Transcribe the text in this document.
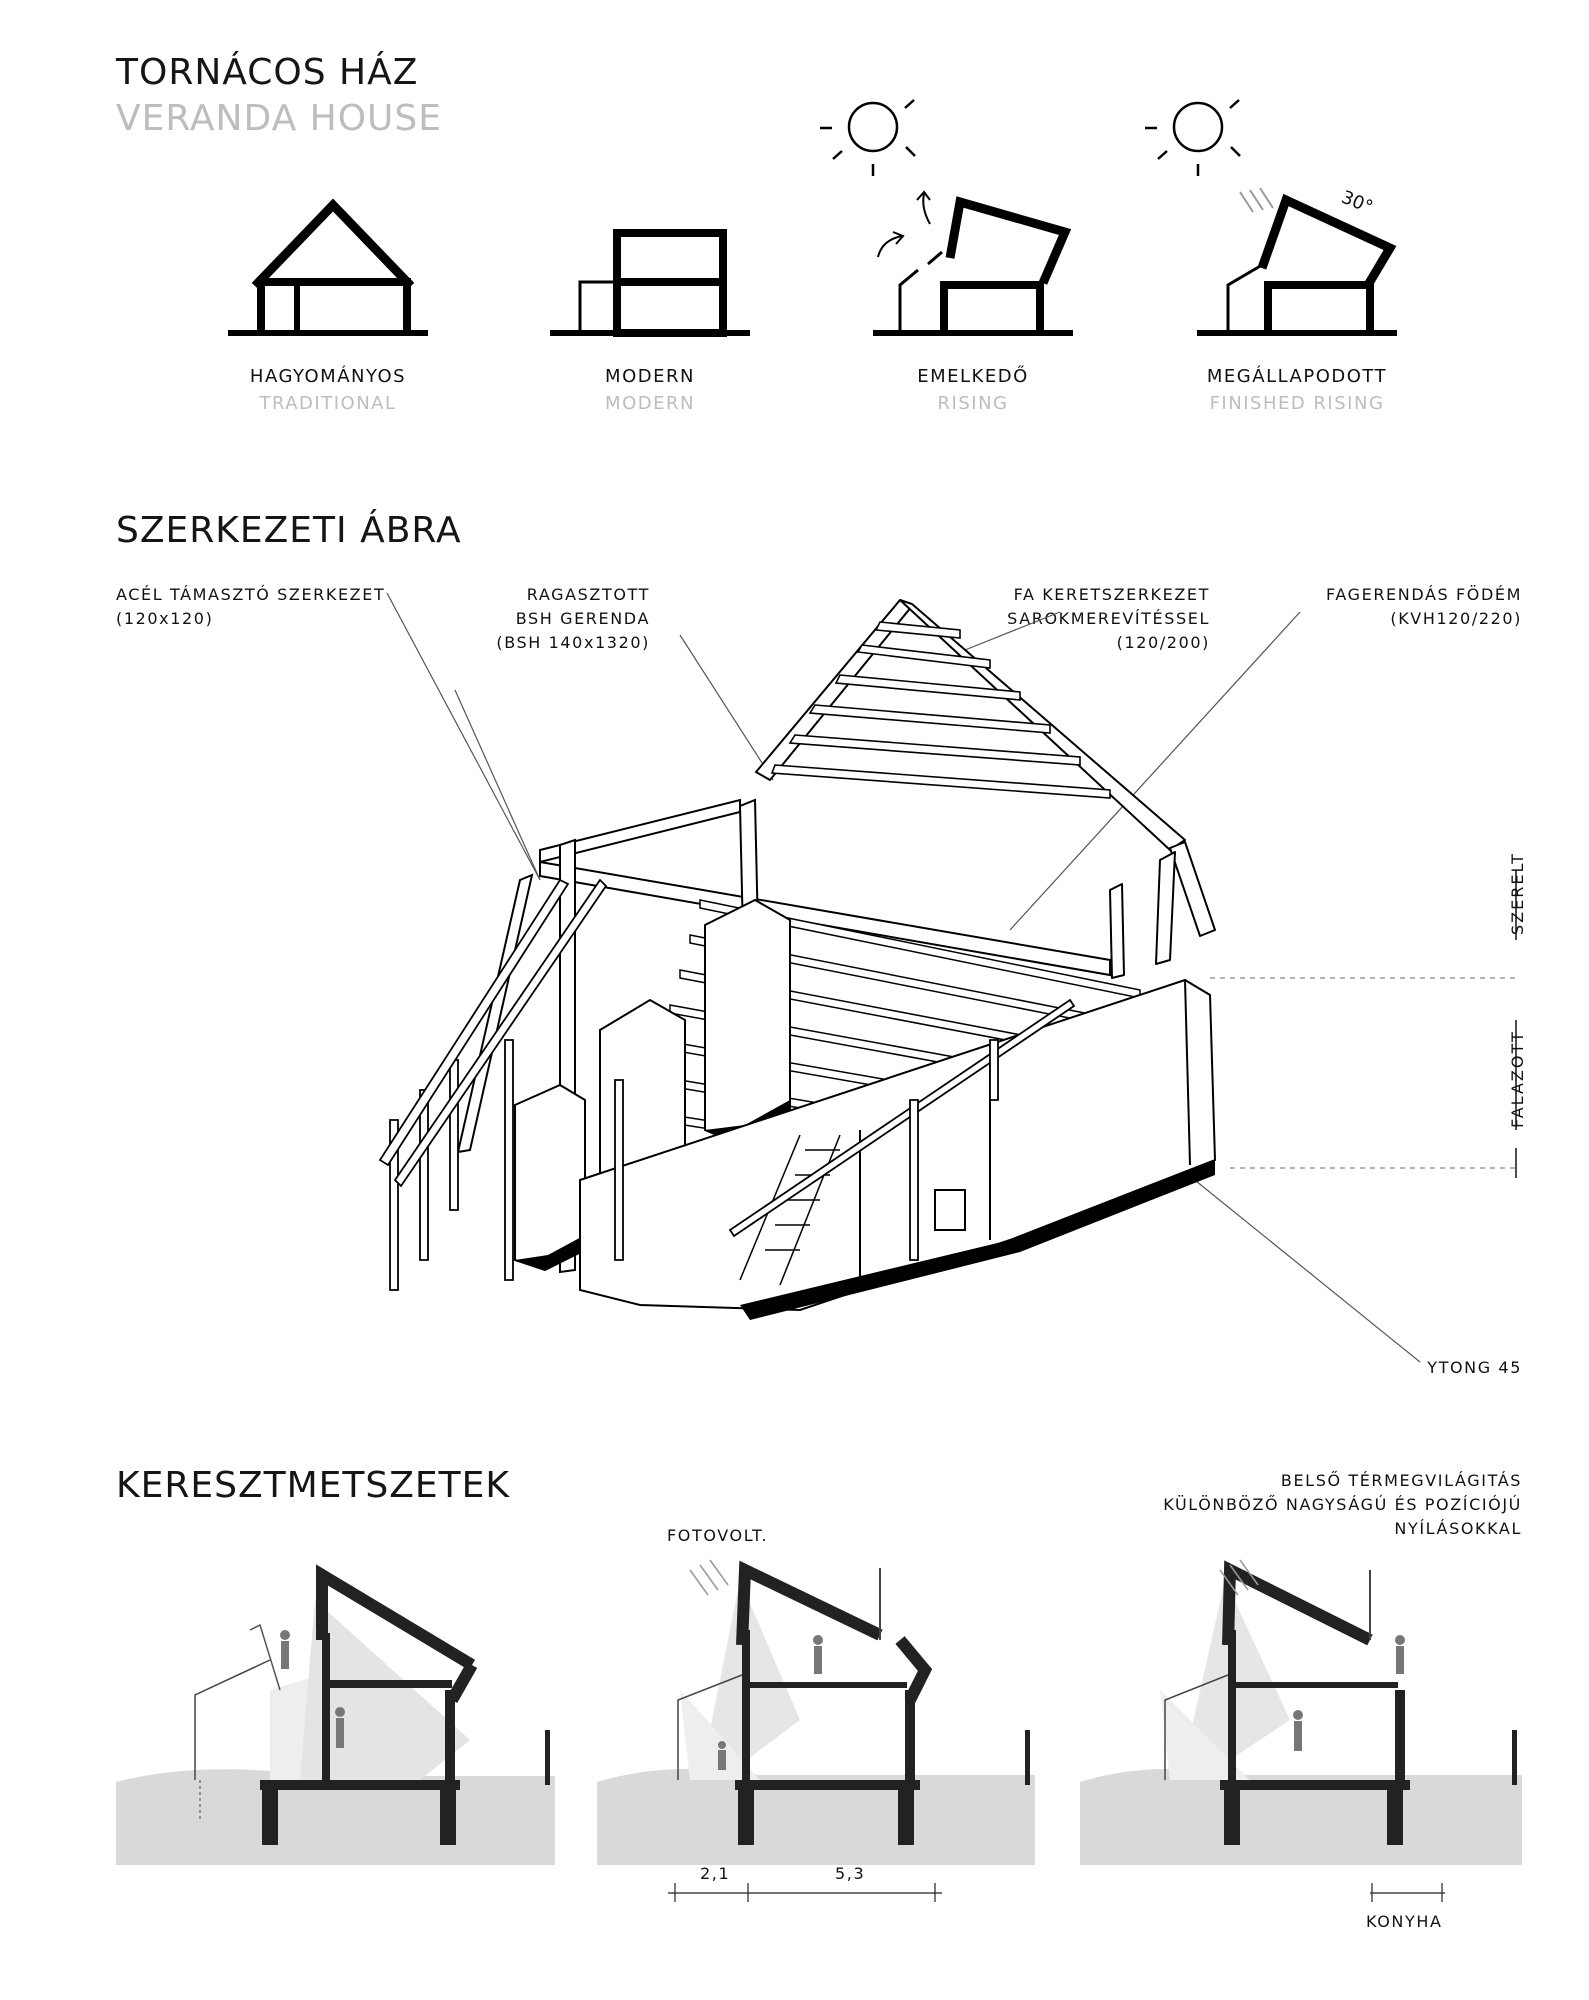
TORNÁCOS HÁZ
VERANDA HOUSE
30°
HAGYOMÁNYOS
TRADITIONAL
MODERN
MODERN
EMELKEDŐ
RISING
MEGÁLLAPODOTT
FINISHED RISING
SZERKEZETI ÁBRA
ACÉL TÁMASZTÓ SZERKEZET
(120x120)
RAGASZTOTT
BSH GERENDA
(BSH 140x1320)
FA KERETSZERKEZET
SAROKMEREVÍTÉSSEL
(120/200)
FAGERENDÁS FÖDÉM
(KVH120/220)
YTONG 45
SZERELT
FALAZOTT
KERESZTMETSZETEK
FOTOVOLT.
BELSŐ TÉRMEGVILÁGITÁS
KÜLÖNBÖZŐ NAGYSÁGÚ ÉS POZÍCIÓJÚ
NYÍLÁSOKKAL
2,1	5,3
KONYHA
